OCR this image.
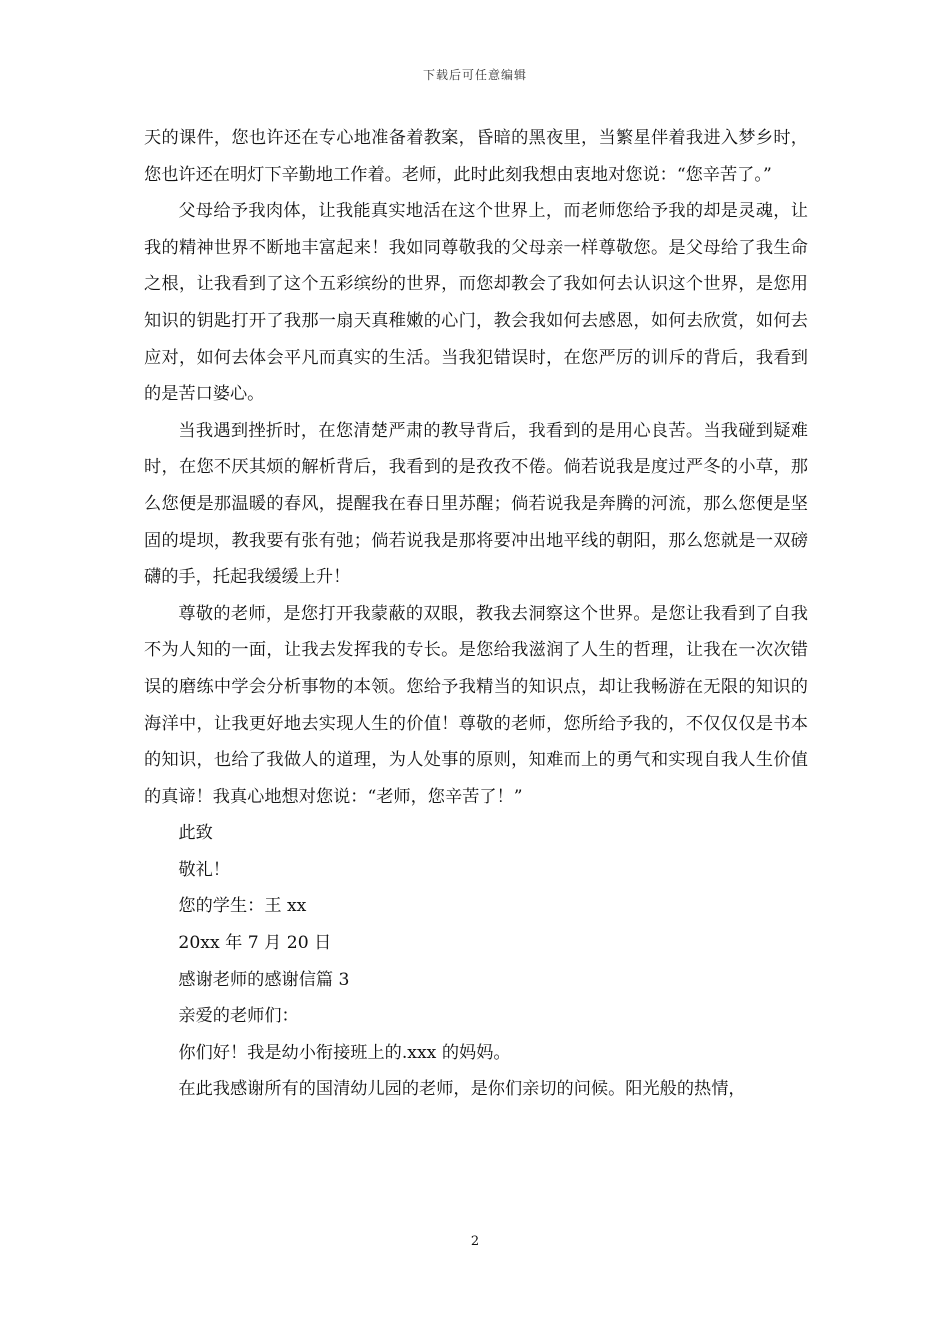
下载后可任意编辑

天的课件，您也许还在专心地准备着教案，昏暗的黑夜里，当繁星伴着我进入梦乡时，您也许还在明灯下辛勤地工作着。老师，此时此刻我想由衷地对您说：“您辛苦了。”

父母给予我肉体，让我能真实地活在这个世界上，而老师您给予我的却是灵魂，让我的精神世界不断地丰富起来！我如同尊敬我的父母亲一样尊敬您。是父母给了我生命之根，让我看到了这个五彩缤纷的世界，而您却教会了我如何去认识这个世界，是您用知识的钥匙打开了我那一扇天真稚嫩的心门，教会我如何去感恩，如何去欣赏，如何去应对，如何去体会平凡而真实的生活。当我犯错误时，在您严厉的训斥的背后，我看到的是苦口婆心。

当我遇到挫折时，在您清楚严肃的教导背后，我看到的是用心良苦。当我碰到疑难时，在您不厌其烦的解析背后，我看到的是孜孜不倦。倘若说我是度过严冬的小草，那么您便是那温暖的春风，提醒我在春日里苏醒；倘若说我是奔腾的河流，那么您便是坚固的堤坝，教我要有张有弛；倘若说我是那将要冲出地平线的朝阳，那么您就是一双磅礴的手，托起我缓缓上升！

尊敬的老师，是您打开我蒙蔽的双眼，教我去洞察这个世界。是您让我看到了自我不为人知的一面，让我去发挥我的专长。是您给我滋润了人生的哲理，让我在一次次错误的磨练中学会分析事物的本领。您给予我精当的知识点，却让我畅游在无限的知识的海洋中，让我更好地去实现人生的价值！尊敬的老师，您所给予我的，不仅仅仅是书本的知识，也给了我做人的道理，为人处事的原则，知难而上的勇气和实现自我人生价值的真谛！我真心地想对您说：“老师，您辛苦了！”

此致

敬礼！

您的学生：王 xx

20xx 年 7 月 20 日

感谢老师的感谢信篇 3

亲爱的老师们：

你们好！我是幼小衔接班上的.xxx 的妈妈。

在此我感谢所有的国清幼儿园的老师，是你们亲切的问候。阳光般的热情，

2
